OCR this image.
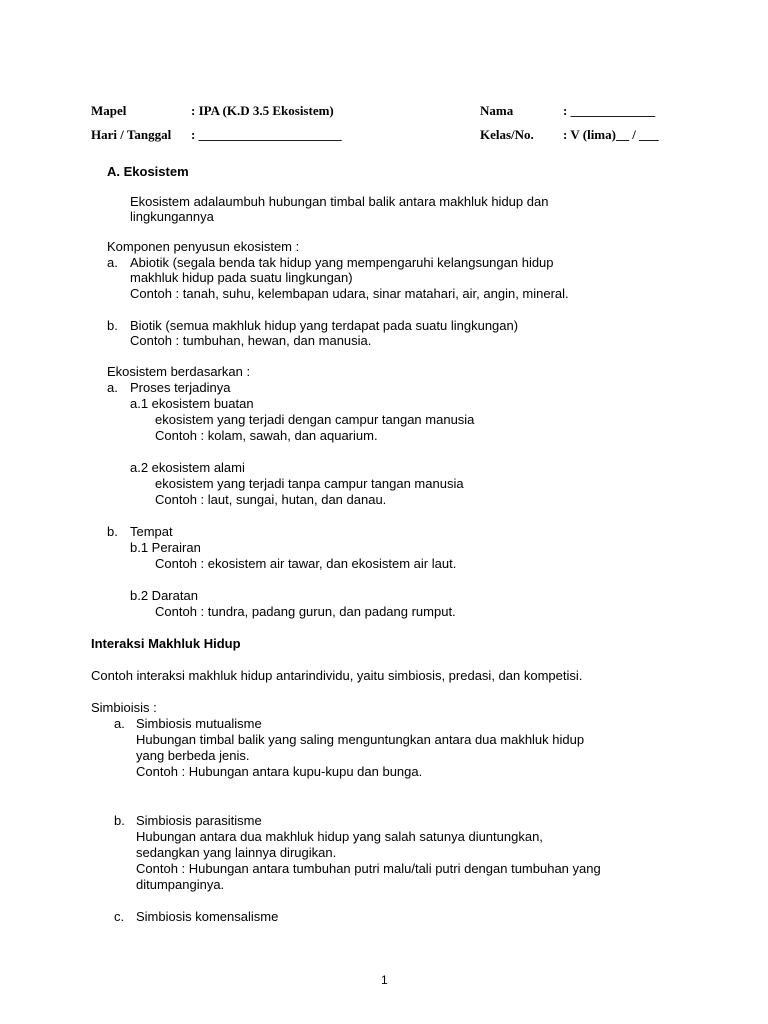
Mapel	: IPA (K.D 3.5 Ekosistem)	Nama	: _____________
Hari / Tanggal : ______________________	Kelas/No. : V (lima)__ / ___
A. Ekosistem
Ekosistem adalaumbuh hubungan timbal balik antara makhluk hidup dan
lingkungannya
Komponen penyusun ekosistem :
a. Abiotik (segala benda tak hidup yang mempengaruhi kelangsungan hidup
makhluk hidup pada suatu lingkungan)
Contoh : tanah, suhu, kelembapan udara, sinar matahari, air, angin, mineral.
b. Biotik (semua makhluk hidup yang terdapat pada suatu lingkungan)
Contoh : tumbuhan, hewan, dan manusia.
Ekosistem berdasarkan :
a. Proses terjadinya
a.1 ekosistem buatan
ekosistem yang terjadi dengan campur tangan manusia
Contoh : kolam, sawah, dan aquarium.
a.2 ekosistem alami
ekosistem yang terjadi tanpa campur tangan manusia
Contoh : laut, sungai, hutan, dan danau.
b. Tempat
b.1 Perairan
Contoh : ekosistem air tawar, dan ekosistem air laut.
b.2 Daratan
Contoh : tundra, padang gurun, dan padang rumput.
Interaksi Makhluk Hidup
Contoh interaksi makhluk hidup antarindividu, yaitu simbiosis, predasi, dan kompetisi.
Simbioisis :
a. Simbiosis mutualisme
Hubungan timbal balik yang saling menguntungkan antara dua makhluk hidup
yang berbeda jenis.
Contoh : Hubungan antara kupu-kupu dan bunga.
b. Simbiosis parasitisme
Hubungan antara dua makhluk hidup yang salah satunya diuntungkan,
sedangkan yang lainnya dirugikan.
Contoh : Hubungan antara tumbuhan putri malu/tali putri dengan tumbuhan yang
ditumpanginya.
c. Simbiosis komensalisme
1
